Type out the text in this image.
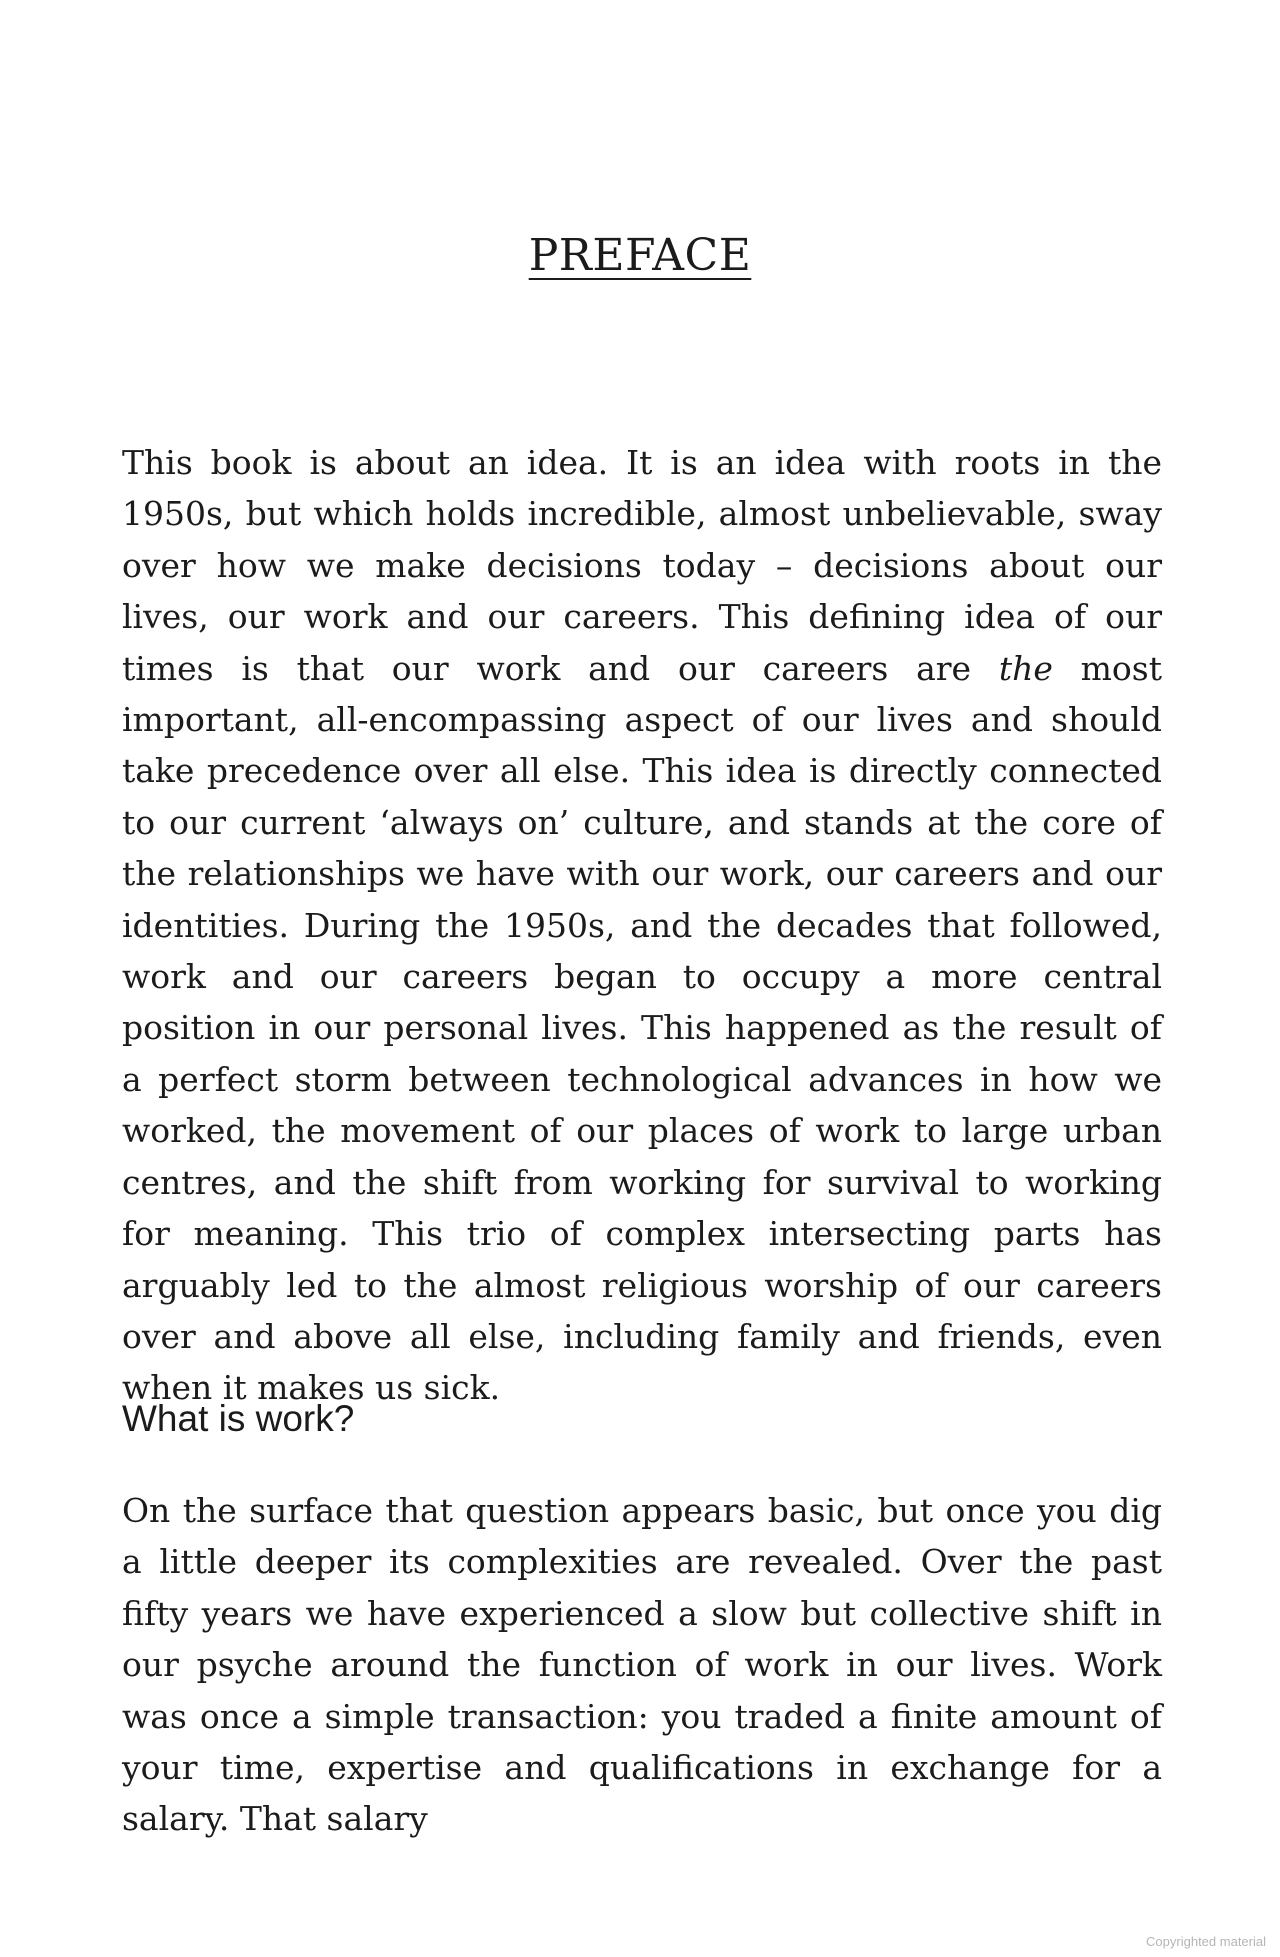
PREFACE

This book is about an idea. It is an idea with roots in the 1950s, but which holds incredible, almost unbelievable, sway over how we make decisions today – decisions about our lives, our work and our careers. This defining idea of our times is that our work and our careers are the most important, all-encompassing aspect of our lives and should take precedence over all else. This idea is directly connected to our current ‘always on’ culture, and stands at the core of the relationships we have with our work, our careers and our identities. During the 1950s, and the decades that followed, work and our careers began to occupy a more central position in our personal lives. This happened as the result of a perfect storm between technological advances in how we worked, the movement of our places of work to large urban centres, and the shift from working for survival to working for meaning. This trio of complex intersecting parts has arguably led to the almost religious worship of our careers over and above all else, including family and friends, even when it makes us sick.

What is work?

On the surface that question appears basic, but once you dig a little deeper its complexities are revealed. Over the past fifty years we have experienced a slow but collective shift in our psyche around the function of work in our lives. Work was once a simple transaction: you traded a finite amount of your time, expertise and qualifications in exchange for a salary. That salary

Copyrighted material
